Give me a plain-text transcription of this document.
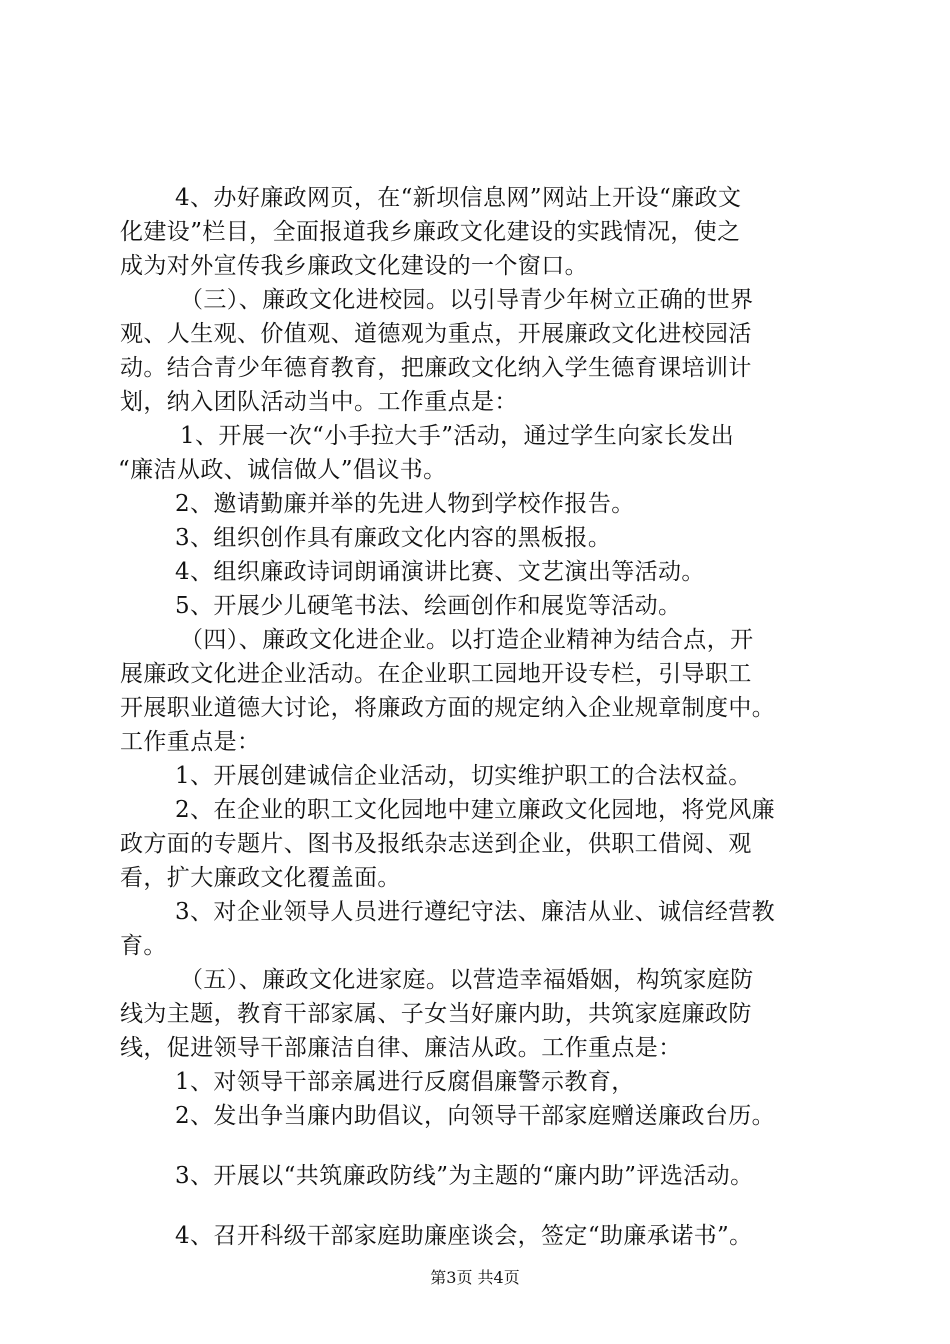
4、办好廉政网页，在“新坝信息网”网站上开设“廉政文
化建设”栏目，全面报道我乡廉政文化建设的实践情况，使之
成为对外宣传我乡廉政文化建设的一个窗口。
（三）、廉政文化进校园。以引导青少年树立正确的世界
观、人生观、价值观、道德观为重点，开展廉政文化进校园活
动。结合青少年德育教育，把廉政文化纳入学生德育课培训计
划，纳入团队活动当中。工作重点是：
1、开展一次“小手拉大手”活动，通过学生向家长发出
“廉洁从政、诚信做人”倡议书。
2、邀请勤廉并举的先进人物到学校作报告。
3、组织创作具有廉政文化内容的黑板报。
4、组织廉政诗词朗诵演讲比赛、文艺演出等活动。
5、开展少儿硬笔书法、绘画创作和展览等活动。
（四）、廉政文化进企业。以打造企业精神为结合点，开
展廉政文化进企业活动。在企业职工园地开设专栏，引导职工
开展职业道德大讨论，将廉政方面的规定纳入企业规章制度中。
工作重点是：
1、开展创建诚信企业活动，切实维护职工的合法权益。
2、在企业的职工文化园地中建立廉政文化园地，将党风廉
政方面的专题片、图书及报纸杂志送到企业，供职工借阅、观
看，扩大廉政文化覆盖面。
3、对企业领导人员进行遵纪守法、廉洁从业、诚信经营教
育。
（五）、廉政文化进家庭。以营造幸福婚姻，构筑家庭防
线为主题，教育干部家属、子女当好廉内助，共筑家庭廉政防
线，促进领导干部廉洁自律、廉洁从政。工作重点是：
1、对领导干部亲属进行反腐倡廉警示教育，
2、发出争当廉内助倡议，向领导干部家庭赠送廉政台历。
3、开展以“共筑廉政防线”为主题的“廉内助”评选活动。
4、召开科级干部家庭助廉座谈会，签定“助廉承诺书”。
第3页 共4页
